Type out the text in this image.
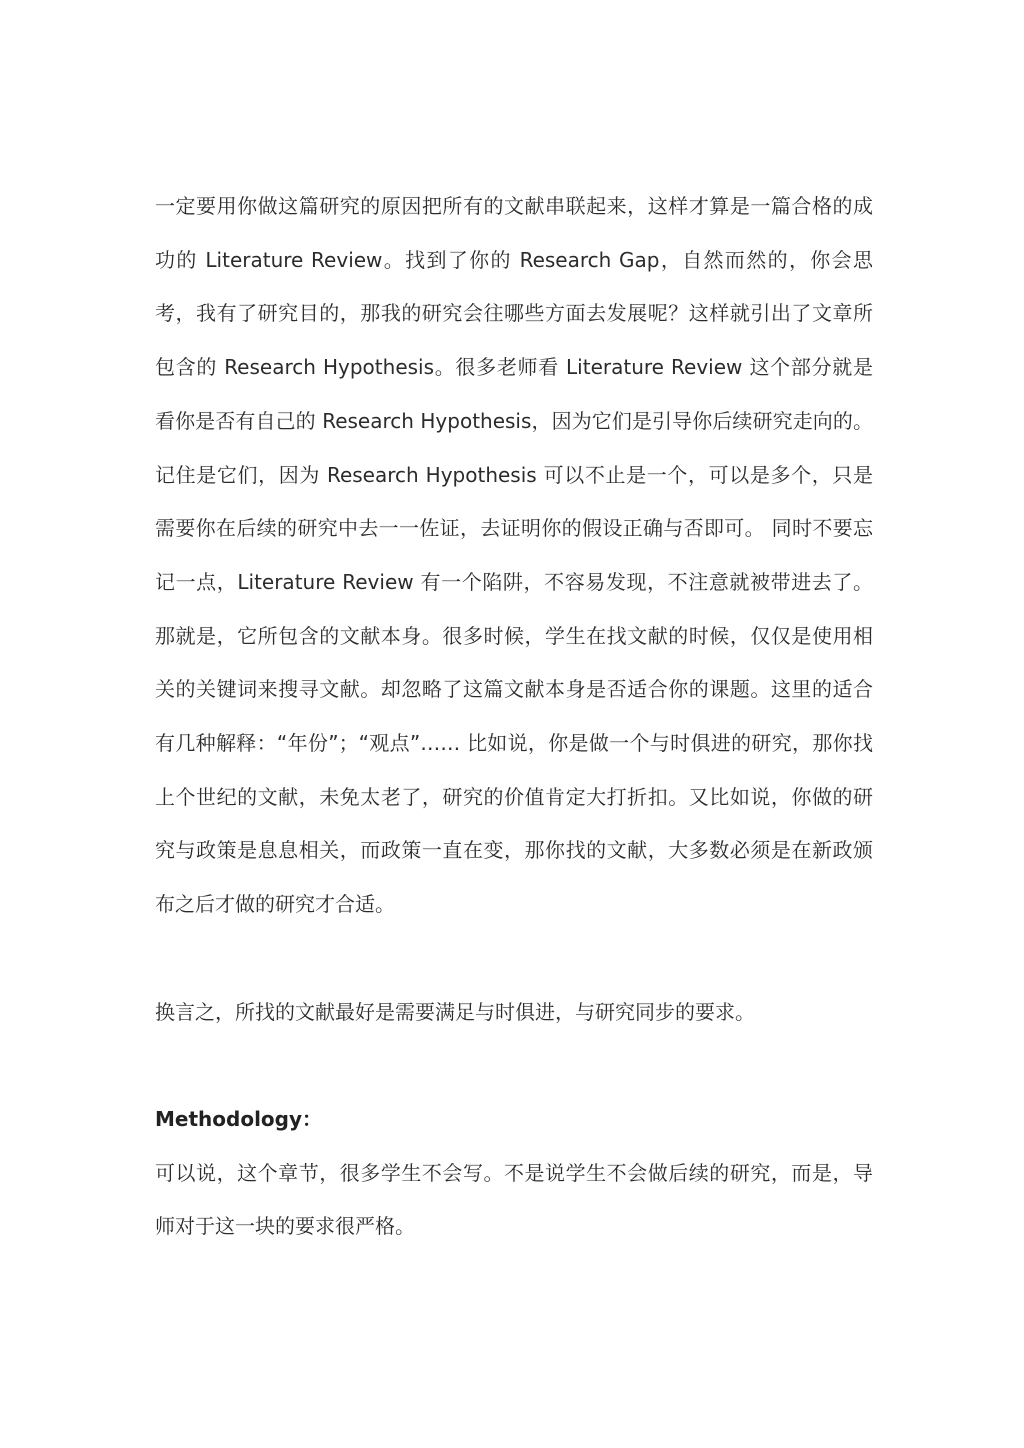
一定要用你做这篇研究的原因把所有的文献串联起来，这样才算是一篇合格的成功的 Literature Review。找到了你的 Research Gap，自然而然的，你会思考，我有了研究目的，那我的研究会往哪些方面去发展呢？这样就引出了文章所包含的 Research Hypothesis。很多老师看 Literature Review 这个部分就是看你是否有自己的 Research Hypothesis，因为它们是引导你后续研究走向的。记住是它们，因为 Research Hypothesis 可以不止是一个，可以是多个，只是需要你在后续的研究中去一一佐证，去证明你的假设正确与否即可。 同时不要忘记一点，Literature Review 有一个陷阱，不容易发现，不注意就被带进去了。那就是，它所包含的文献本身。很多时候，学生在找文献的时候，仅仅是使用相关的关键词来搜寻文献。却忽略了这篇文献本身是否适合你的课题。这里的适合有几种解释：“年份”；“观点”…… 比如说，你是做一个与时俱进的研究，那你找上个世纪的文献，未免太老了，研究的价值肯定大打折扣。又比如说，你做的研究与政策是息息相关，而政策一直在变，那你找的文献，大多数必须是在新政颁布之后才做的研究才合适。

换言之，所找的文献最好是需要满足与时俱进，与研究同步的要求。

Methodology：

可以说，这个章节，很多学生不会写。不是说学生不会做后续的研究，而是，导师对于这一块的要求很严格。
